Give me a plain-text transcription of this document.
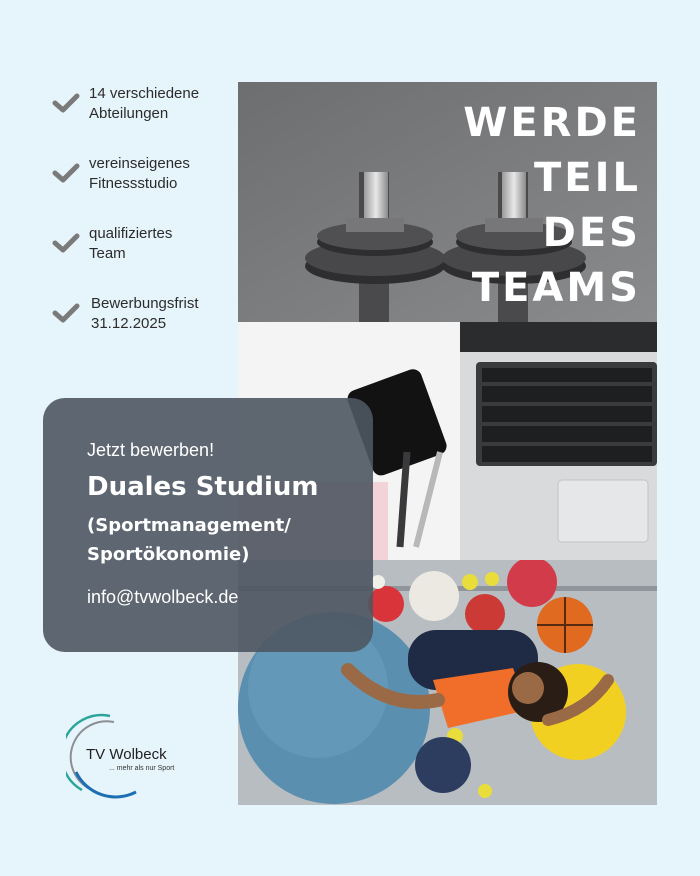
14 verschiedene
Abteilungen
vereinseigenes
Fitnessstudio
qualifiziertes
Team
Bewerbungsfrist
31.12.2025
WERDE
TEIL
DES
TEAMS
Jetzt bewerben!
Duales Studium
(Sportmanagement/
Sportökonomie)
info@tvwolbeck.de
TV Wolbeck
... mehr als nur Sport
